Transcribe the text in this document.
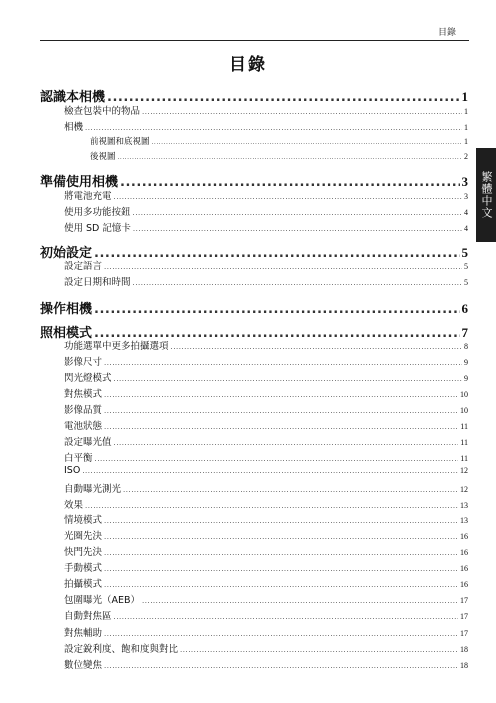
目錄
目錄
繁體中文
認識本相機 .....	1
檢查包裝中的物品 .....	1
相機 .....	1
前視圖和底視圖 .....	1
後視圖 .....	2
準備使用相機 .....	3
將電池充電 .....	3
使用多功能按鈕 .....	4
使用 SD 記憶卡 .....	4
初始設定 .....	5
設定語言 .....	5
設定日期和時間 .....	5
操作相機 .....	6
照相模式 .....	7
功能選單中更多拍攝選項 .....	8
影像尺寸 .....	9
閃光燈模式 .....	9
對焦模式 .....	10
影像品質 .....	10
電池狀態 .....	11
設定曝光值 .....	11
白平衡 .....	11
ISO .....	12
自動曝光測光 .....	12
效果 .....	13
情境模式 .....	13
光圈先決 .....	16
快門先決 .....	16
手動模式 .....	16
拍攝模式 .....	16
包圍曝光（AEB） .....	17
自動對焦區 .....	17
對焦輔助 .....	17
設定銳利度、飽和度與對比 .....	18
數位變焦 .....	18
